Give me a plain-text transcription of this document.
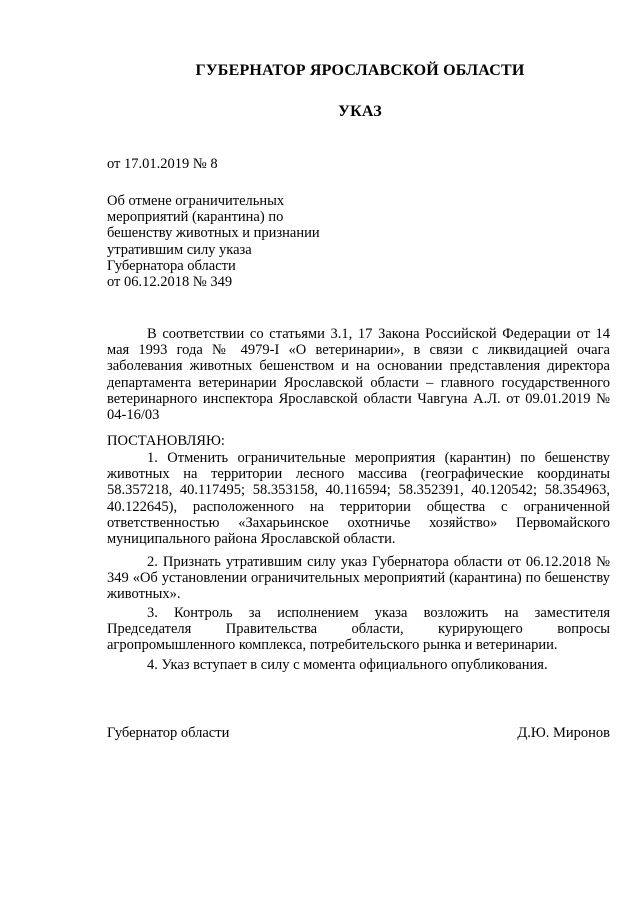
ГУБЕРНАТОР ЯРОСЛАВСКОЙ ОБЛАСТИ
УКАЗ
от 17.01.2019 № 8
Об отмене ограничительных
мероприятий (карантина) по
бешенству животных и признании
утратившим силу указа
Губернатора области
от 06.12.2018 № 349
В соответствии со статьями 3.1, 17 Закона Российской Федерации от 14 мая 1993 года № 4979-I «О ветеринарии», в связи с ликвидацией очага заболевания животных бешенством и на основании представления директора департамента ветеринарии Ярославской области – главного государственного ветеринарного инспектора Ярославской области Чавгуна А.Л. от 09.01.2019 № 04-16/03
ПОСТАНОВЛЯЮ:
1. Отменить ограничительные мероприятия (карантин) по бешенству животных на территории лесного массива (географические координаты 58.357218, 40.117495; 58.353158, 40.116594; 58.352391, 40.120542; 58.354963, 40.122645), расположенного на территории общества с ограниченной ответственностью «Захарьинское охотничье хозяйство» Первомайского муниципального района Ярославской области.
2. Признать утратившим силу указ Губернатора области от 06.12.2018 № 349 «Об установлении ограничительных мероприятий (карантина) по бешенству животных».
3. Контроль за исполнением указа возложить на заместителя Председателя Правительства области, курирующего вопросы агропромышленного комплекса, потребительского рынка и ветеринарии.
4. Указ вступает в силу с момента официального опубликования.
Губернатор области	Д.Ю. Миронов
